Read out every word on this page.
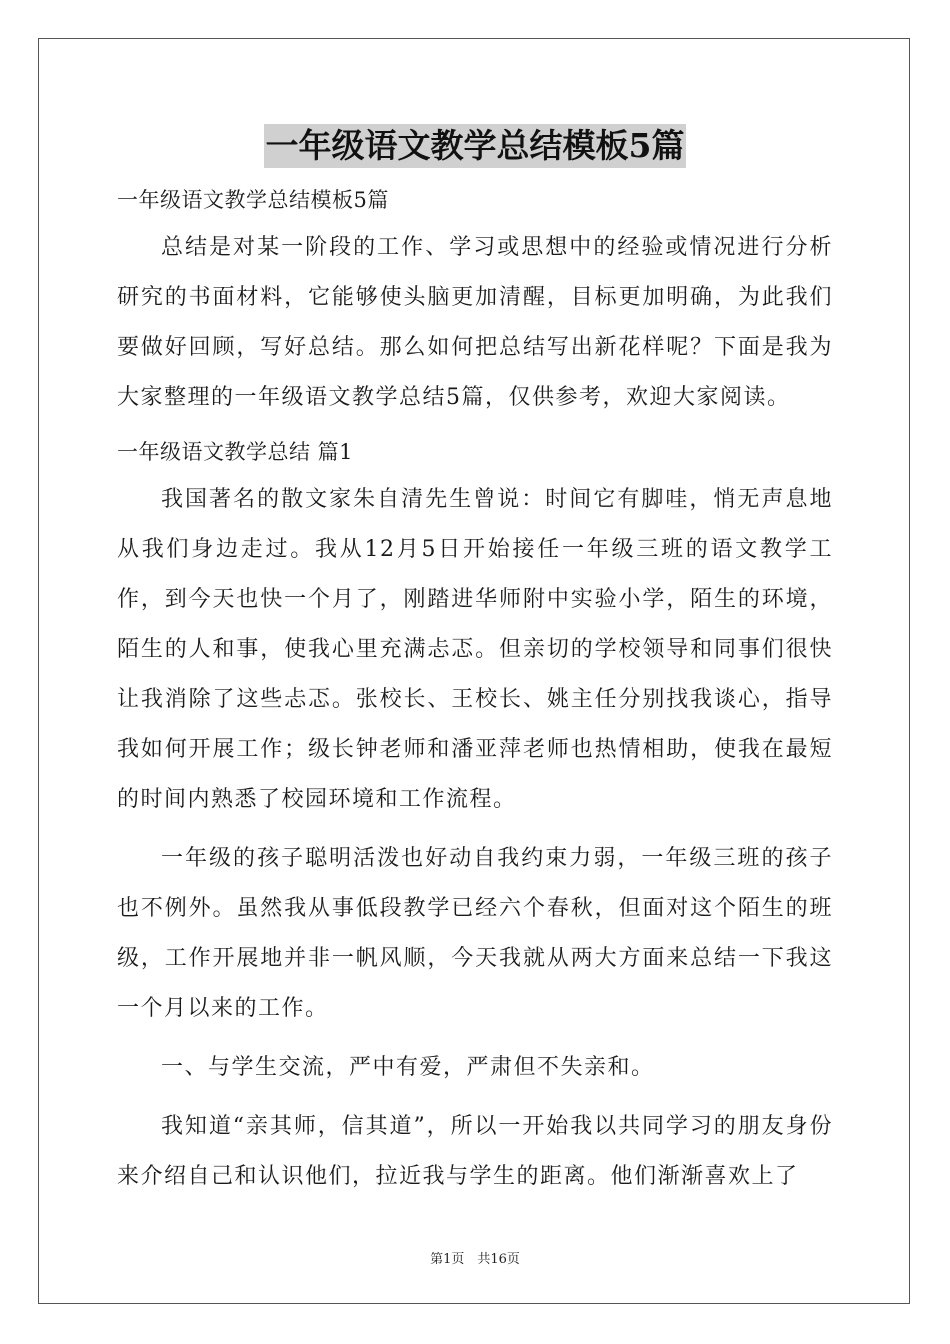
一年级语文教学总结模板5篇

一年级语文教学总结模板5篇

总结是对某一阶段的工作、学习或思想中的经验或情况进行分析研究的书面材料，它能够使头脑更加清醒，目标更加明确，为此我们要做好回顾，写好总结。那么如何把总结写出新花样呢？下面是我为大家整理的一年级语文教学总结5篇，仅供参考，欢迎大家阅读。

一年级语文教学总结 篇1

我国著名的散文家朱自清先生曾说：时间它有脚哇，悄无声息地从我们身边走过。我从12月5日开始接任一年级三班的语文教学工作，到今天也快一个月了，刚踏进华师附中实验小学，陌生的环境，陌生的人和事，使我心里充满忐忑。但亲切的学校领导和同事们很快让我消除了这些忐忑。张校长、王校长、姚主任分别找我谈心，指导我如何开展工作；级长钟老师和潘亚萍老师也热情相助，使我在最短的时间内熟悉了校园环境和工作流程。

一年级的孩子聪明活泼也好动自我约束力弱，一年级三班的孩子也不例外。虽然我从事低段教学已经六个春秋，但面对这个陌生的班级，工作开展地并非一帆风顺，今天我就从两大方面来总结一下我这一个月以来的工作。

一、与学生交流，严中有爱，严肃但不失亲和。

我知道“亲其师，信其道”，所以一开始我以共同学习的朋友身份来介绍自己和认识他们，拉近我与学生的距离。他们渐渐喜欢上了

第1页　共16页
